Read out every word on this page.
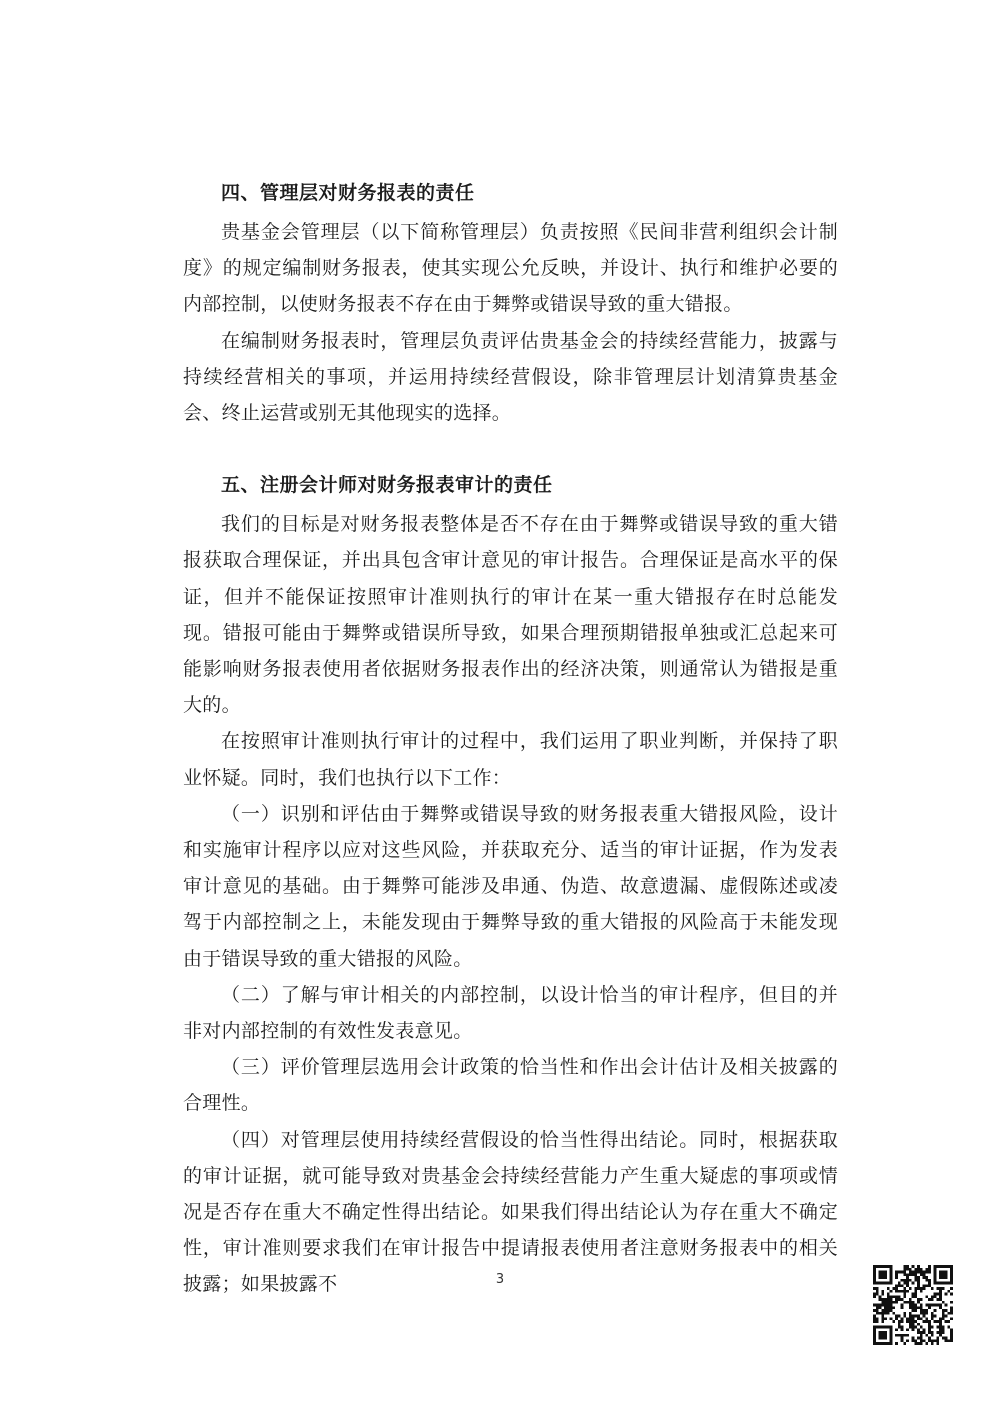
四、管理层对财务报表的责任

贵基金会管理层（以下简称管理层）负责按照《民间非营利组织会计制度》的规定编制财务报表，使其实现公允反映，并设计、执行和维护必要的内部控制，以使财务报表不存在由于舞弊或错误导致的重大错报。

在编制财务报表时，管理层负责评估贵基金会的持续经营能力，披露与持续经营相关的事项，并运用持续经营假设，除非管理层计划清算贵基金会、终止运营或别无其他现实的选择。

五、注册会计师对财务报表审计的责任

我们的目标是对财务报表整体是否不存在由于舞弊或错误导致的重大错报获取合理保证，并出具包含审计意见的审计报告。合理保证是高水平的保证，但并不能保证按照审计准则执行的审计在某一重大错报存在时总能发现。错报可能由于舞弊或错误所导致，如果合理预期错报单独或汇总起来可能影响财务报表使用者依据财务报表作出的经济决策，则通常认为错报是重大的。

在按照审计准则执行审计的过程中，我们运用了职业判断，并保持了职业怀疑。同时，我们也执行以下工作：

（一）识别和评估由于舞弊或错误导致的财务报表重大错报风险，设计和实施审计程序以应对这些风险，并获取充分、适当的审计证据，作为发表审计意见的基础。由于舞弊可能涉及串通、伪造、故意遗漏、虚假陈述或凌驾于内部控制之上，未能发现由于舞弊导致的重大错报的风险高于未能发现由于错误导致的重大错报的风险。

（二）了解与审计相关的内部控制，以设计恰当的审计程序，但目的并非对内部控制的有效性发表意见。

（三）评价管理层选用会计政策的恰当性和作出会计估计及相关披露的合理性。

（四）对管理层使用持续经营假设的恰当性得出结论。同时，根据获取的审计证据，就可能导致对贵基金会持续经营能力产生重大疑虑的事项或情况是否存在重大不确定性得出结论。如果我们得出结论认为存在重大不确定性，审计准则要求我们在审计报告中提请报表使用者注意财务报表中的相关披露；如果披露不	3
